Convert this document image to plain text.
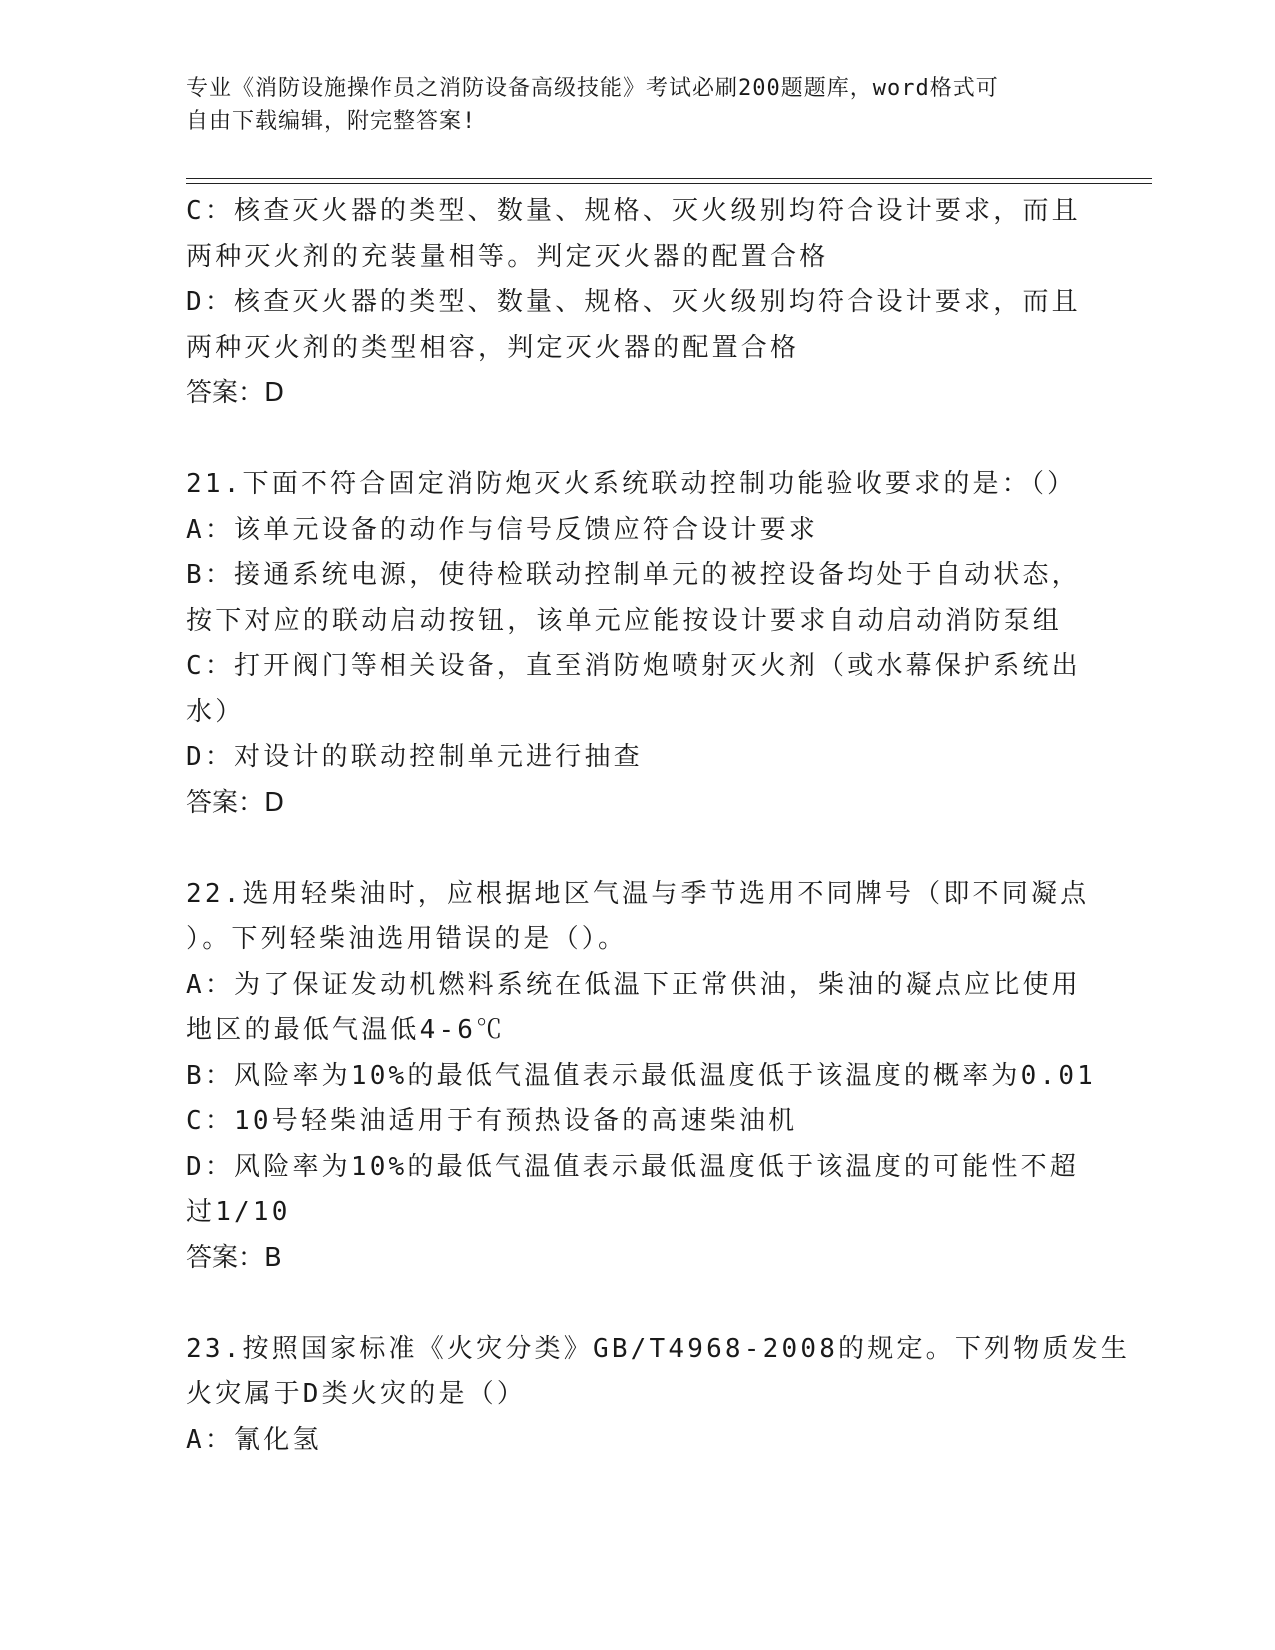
专业《消防设施操作员之消防设备高级技能》考试必刷200题题库，word格式可
自由下载编辑，附完整答案!
C：核查灭火器的类型、数量、规格、灭火级别均符合设计要求，而且
两种灭火剂的充装量相等。判定灭火器的配置合格
D：核查灭火器的类型、数量、规格、灭火级别均符合设计要求，而且
两种灭火剂的类型相容，判定灭火器的配置合格
答案：D
21.下面不符合固定消防炮灭火系统联动控制功能验收要求的是：（）
A：该单元设备的动作与信号反馈应符合设计要求
B：接通系统电源，使待检联动控制单元的被控设备均处于自动状态，
按下对应的联动启动按钮，该单元应能按设计要求自动启动消防泵组
C：打开阀门等相关设备，直至消防炮喷射灭火剂（或水幕保护系统出
水）
D：对设计的联动控制单元进行抽查
答案：D
22.选用轻柴油时，应根据地区气温与季节选用不同牌号（即不同凝点
）。下列轻柴油选用错误的是（）。
A：为了保证发动机燃料系统在低温下正常供油，柴油的凝点应比使用
地区的最低气温低4-6℃
B：风险率为10%的最低气温值表示最低温度低于该温度的概率为0.01
C：10号轻柴油适用于有预热设备的高速柴油机
D：风险率为10%的最低气温值表示最低温度低于该温度的可能性不超
过1/10
答案：B
23.按照国家标准《火灾分类》GB/T4968-2008的规定。下列物质发生
火灾属于D类火灾的是（）
A：氰化氢
